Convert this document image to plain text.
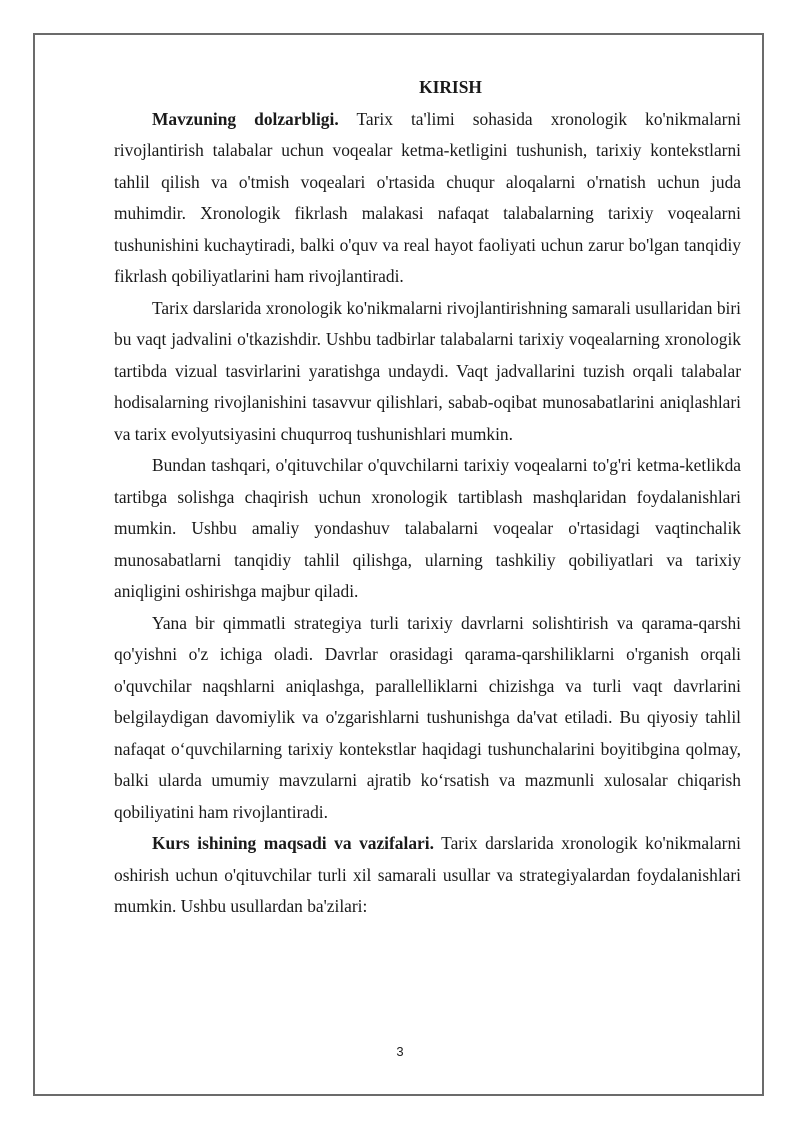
KIRISH

Mavzuning dolzarbligi. Tarix ta'limi sohasida xronologik ko'nikmalarni rivojlantirish talabalar uchun voqealar ketma-ketligini tushunish, tarixiy kontekstlarni tahlil qilish va o'tmish voqealari o'rtasida chuqur aloqalarni o'rnatish uchun juda muhimdir. Xronologik fikrlash malakasi nafaqat talabalarning tarixiy voqealarni tushunishini kuchaytiradi, balki o'quv va real hayot faoliyati uchun zarur bo'lgan tanqidiy fikrlash qobiliyatlarini ham rivojlantiradi.

Tarix darslarida xronologik ko'nikmalarni rivojlantirishning samarali usullaridan biri bu vaqt jadvalini o'tkazishdir. Ushbu tadbirlar talabalarni tarixiy voqealarning xronologik tartibda vizual tasvirlarini yaratishga undaydi. Vaqt jadvallarini tuzish orqali talabalar hodisalarning rivojlanishini tasavvur qilishlari, sabab-oqibat munosabatlarini aniqlashlari va tarix evolyutsiyasini chuqurroq tushunishlari mumkin.

Bundan tashqari, o'qituvchilar o'quvchilarni tarixiy voqealarni to'g'ri ketma-ketlikda tartibga solishga chaqirish uchun xronologik tartiblash mashqlaridan foydalanishlari mumkin. Ushbu amaliy yondashuv talabalarni voqealar o'rtasidagi vaqtinchalik munosabatlarni tanqidiy tahlil qilishga, ularning tashkiliy qobiliyatlari va tarixiy aniqligini oshirishga majbur qiladi.

Yana bir qimmatli strategiya turli tarixiy davrlarni solishtirish va qarama-qarshi qo'yishni o'z ichiga oladi. Davrlar orasidagi qarama-qarshiliklarni o'rganish orqali o'quvchilar naqshlarni aniqlashga, parallelliklarni chizishga va turli vaqt davrlarini belgilaydigan davomiylik va o'zgarishlarni tushunishga da'vat etiladi. Bu qiyosiy tahlil nafaqat o‘quvchilarning tarixiy kontekstlar haqidagi tushunchalarini boyitibgina qolmay, balki ularda umumiy mavzularni ajratib ko‘rsatish va mazmunli xulosalar chiqarish qobiliyatini ham rivojlantiradi.

Kurs ishining maqsadi va vazifalari. Tarix darslarida xronologik ko'nikmalarni oshirish uchun o'qituvchilar turli xil samarali usullar va strategiyalardan foydalanishlari mumkin. Ushbu usullardan ba'zilari:

3
